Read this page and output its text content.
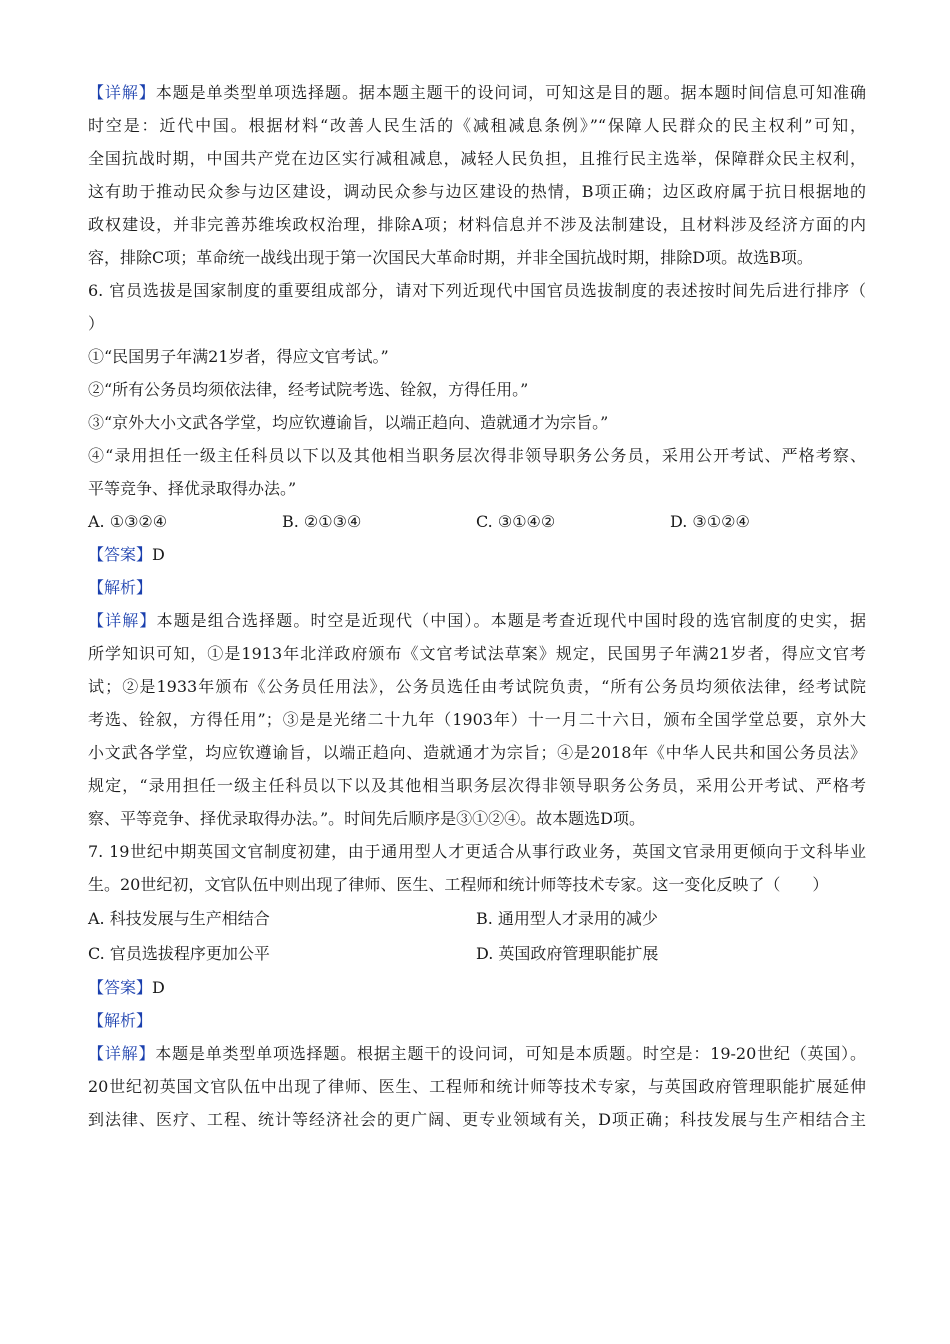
【详解】本题是单类型单项选择题。据本题主题干的设问词，可知这是目的题。据本题时间信息可知准确
时空是：近代中国。根据材料“改善人民生活的《减租减息条例》”“保障人民群众的民主权利”可知，
全国抗战时期，中国共产党在边区实行减租减息，减轻人民负担，且推行民主选举，保障群众民主权利，
这有助于推动民众参与边区建设，调动民众参与边区建设的热情，B项正确；边区政府属于抗日根据地的
政权建设，并非完善苏维埃政权治理，排除A项；材料信息并不涉及法制建设，且材料涉及经济方面的内
容，排除C项；革命统一战线出现于第一次国民大革命时期，并非全国抗战时期，排除D项。故选B项。
6. 官员选拔是国家制度的重要组成部分，请对下列近现代中国官员选拔制度的表述按时间先后进行排序（
）
①“民国男子年满21岁者，得应文官考试。”
②“所有公务员均须依法律，经考试院考选、铨叙，方得任用。”
③“京外大小文武各学堂，均应钦遵谕旨，以端正趋向、造就通才为宗旨。”
④“录用担任一级主任科员以下以及其他相当职务层次得非领导职务公务员，采用公开考试、严格考察、
平等竞争、择优录取得办法。”
A. ①③②④	B. ②①③④	C. ③①④②	D. ③①②④
【答案】D
【解析】
【详解】本题是组合选择题。时空是近现代（中国）。本题是考查近现代中国时段的选官制度的史实，据
所学知识可知，①是1913年北洋政府颁布《文官考试法草案》规定，民国男子年满21岁者，得应文官考
试；②是1933年颁布《公务员任用法》，公务员选任由考试院负责，“所有公务员均须依法律，经考试院
考选、铨叙，方得任用”；③是是光绪二十九年（1903年）十一月二十六日，颁布全国学堂总要，京外大
小文武各学堂，均应钦遵谕旨，以端正趋向、造就通才为宗旨；④是2018年《中华人民共和国公务员法》
规定，“录用担任一级主任科员以下以及其他相当职务层次得非领导职务公务员，采用公开考试、严格考
察、平等竞争、择优录取得办法。”。时间先后顺序是③①②④。故本题选D项。
7. 19世纪中期英国文官制度初建，由于通用型人才更适合从事行政业务，英国文官录用更倾向于文科毕业
生。20世纪初，文官队伍中则出现了律师、医生、工程师和统计师等技术专家。这一变化反映了（　　）
A. 科技发展与生产相结合	B. 通用型人才录用的减少
C. 官员选拔程序更加公平	D. 英国政府管理职能扩展
【答案】D
【解析】
【详解】本题是单类型单项选择题。根据主题干的设问词，可知是本质题。时空是：19-20世纪（英国）。
20世纪初英国文官队伍中出现了律师、医生、工程师和统计师等技术专家，与英国政府管理职能扩展延伸
到法律、医疗、工程、统计等经济社会的更广阔、更专业领域有关，D项正确；科技发展与生产相结合主
